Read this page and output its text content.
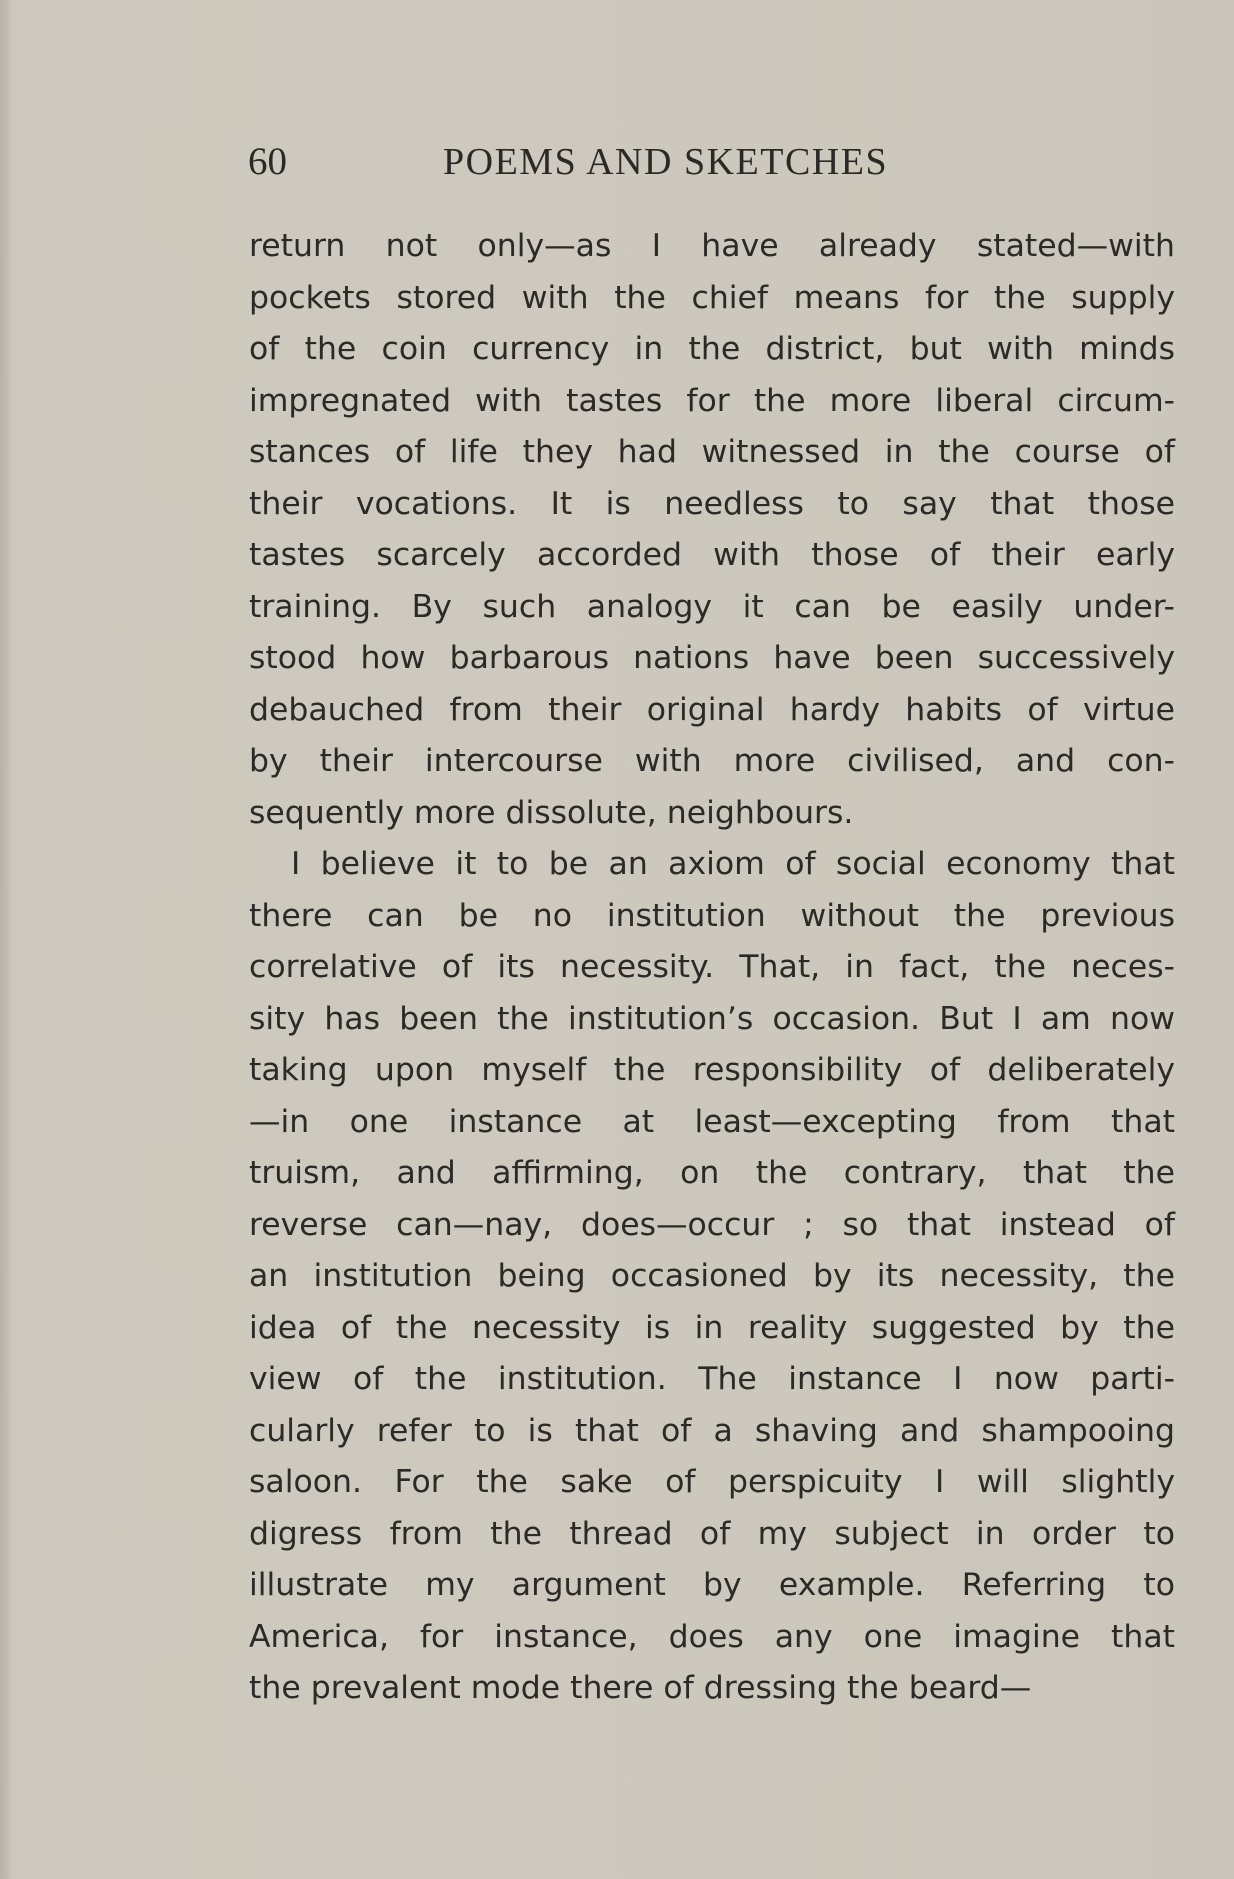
60	POEMS AND SKETCHES
return not only—as I have already stated—with
pockets stored with the chief means for the supply
of the coin currency in the district, but with minds
impregnated with tastes for the more liberal circum-
stances of life they had witnessed in the course of
their vocations. It is needless to say that those
tastes scarcely accorded with those of their early
training. By such analogy it can be easily under-
stood how barbarous nations have been successively
debauched from their original hardy habits of virtue
by their intercourse with more civilised, and con-
sequently more dissolute, neighbours.
I believe it to be an axiom of social economy that
there can be no institution without the previous
correlative of its necessity. That, in fact, the neces-
sity has been the institution’s occasion. But I am now
taking upon myself the responsibility of deliberately
—in one instance at least—excepting from that
truism, and affirming, on the contrary, that the
reverse can—nay, does—occur ; so that instead of
an institution being occasioned by its necessity, the
idea of the necessity is in reality suggested by the
view of the institution. The instance I now parti-
cularly refer to is that of a shaving and shampooing
saloon. For the sake of perspicuity I will slightly
digress from the thread of my subject in order to
illustrate my argument by example. Referring to
America, for instance, does any one imagine that
the prevalent mode there of dressing the beard—
